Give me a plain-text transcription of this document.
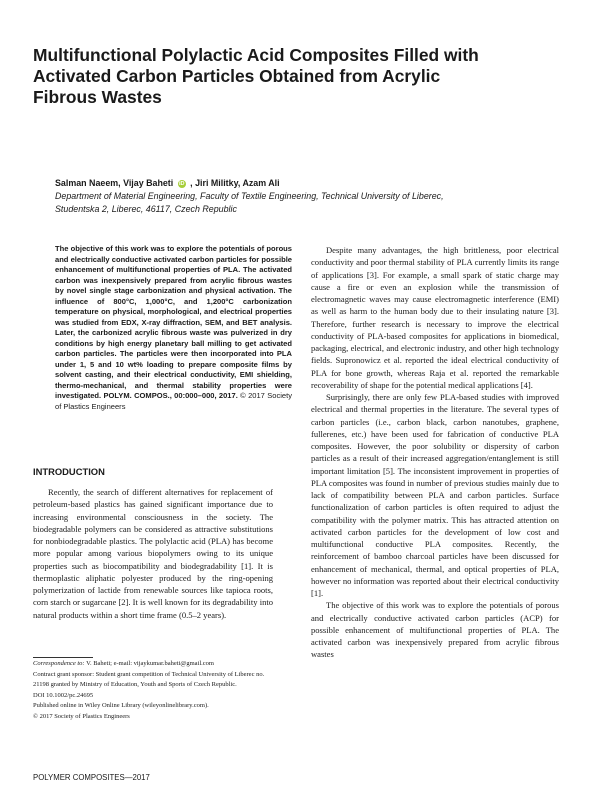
Multifunctional Polylactic Acid Composites Filled with
Activated Carbon Particles Obtained from Acrylic
Fibrous Wastes
Salman Naeem, Vijay Baheti iD , Jiri Militky, Azam Ali
Department of Material Engineering, Faculty of Textile Engineering, Technical University of Liberec,
Studentska 2, Liberec, 46117, Czech Republic

The objective of this work was to explore the potentials of porous and electrically conductive activated carbon particles for possible enhancement of multifunctional properties of PLA. The activated carbon was inexpensively prepared from acrylic fibrous wastes by novel single stage carbonization and physical activation. The influence of 800°C, 1,000°C, and 1,200°C carbonization temperature on physical, morphological, and electrical properties was studied from EDX, X-ray diffraction, SEM, and BET analysis. Later, the carbonized acrylic fibrous waste was pulverized in dry conditions by high energy planetary ball milling to get activated carbon particles. The particles were then incorporated into PLA under 1, 5 and 10 wt% loading to prepare composite films by solvent casting, and their electrical conductivity, EMI shielding, thermo-mechanical, and thermal stability properties were investigated. POLYM. COMPOS., 00:000–000, 2017. © 2017 Society of Plastics Engineers

INTRODUCTION

Recently, the search of different alternatives for replacement of petroleum-based plastics has gained significant importance due to increasing environmental consciousness in the society. The biodegradable polymers can be considered as attractive substitutions for nonbiodegradable plastics. The polylactic acid (PLA) has become more popular among various biopolymers owing to its unique properties such as biocompatibility and biodegradability [1]. It is thermoplastic aliphatic polyester produced by the ring-opening polymerization of lactide from renewable sources like tapioca roots, corn starch or sugarcane [2]. It is well known for its degradability into natural products within a short time frame (0.5–2 years).

Correspondence to: V. Baheti; e-mail: vijaykumar.baheti@gmail.com
Contract grant sponsor: Student grant competition of Technical University of Liberec no. 21198 granted by Ministry of Education, Youth and Sports of Czech Republic.
DOI 10.1002/pc.24695
Published online in Wiley Online Library (wileyonlinelibrary.com).
© 2017 Society of Plastics Engineers

Despite many advantages, the high brittleness, poor electrical conductivity and poor thermal stability of PLA currently limits its range of applications [3]. For example, a small spark of static charge may cause a fire or even an explosion while the transmission of electromagnetic waves may cause electromagnetic interference (EMI) as well as harm to the human body due to their insulating nature [3]. Therefore, further research is necessary to improve the electrical conductivity of PLA-based composites for applications in biomedical, packaging, electrical, and electronic industry, and other high technology fields. Supronowicz et al. reported the ideal electrical conductivity of PLA for bone growth, whereas Raja et al. reported the remarkable recoverability of shape for the potential medical applications [4].

Surprisingly, there are only few PLA-based studies with improved electrical and thermal properties in the literature. The several types of carbon particles (i.e., carbon black, carbon nanotubes, graphene, fullerenes, etc.) have been used for fabrication of conductive PLA composites. However, the poor solubility or dispersity of carbon particles as a result of their increased aggregation/entanglement is still important limitation [5]. The inconsistent improvement in properties of PLA composites was found in number of previous studies mainly due to lack of compatibility between PLA and carbon particles. Surface functionalization of carbon particles is often required to adjust the compatibility with the polymer matrix. This has attracted attention on activated carbon particles for the development of low cost and multifunctional conductive PLA composites. Recently, the reinforcement of bamboo charcoal particles have been discussed for enhancement of mechanical, thermal, and optical properties of PLA, however no information was reported about their electrical conductivity [1].

The objective of this work was to explore the potentials of porous and electrically conductive activated carbon particles (ACP) for possible enhancement of multifunctional properties of PLA. The activated carbon was inexpensively prepared from acrylic fibrous wastes

POLYMER COMPOSITES—2017
